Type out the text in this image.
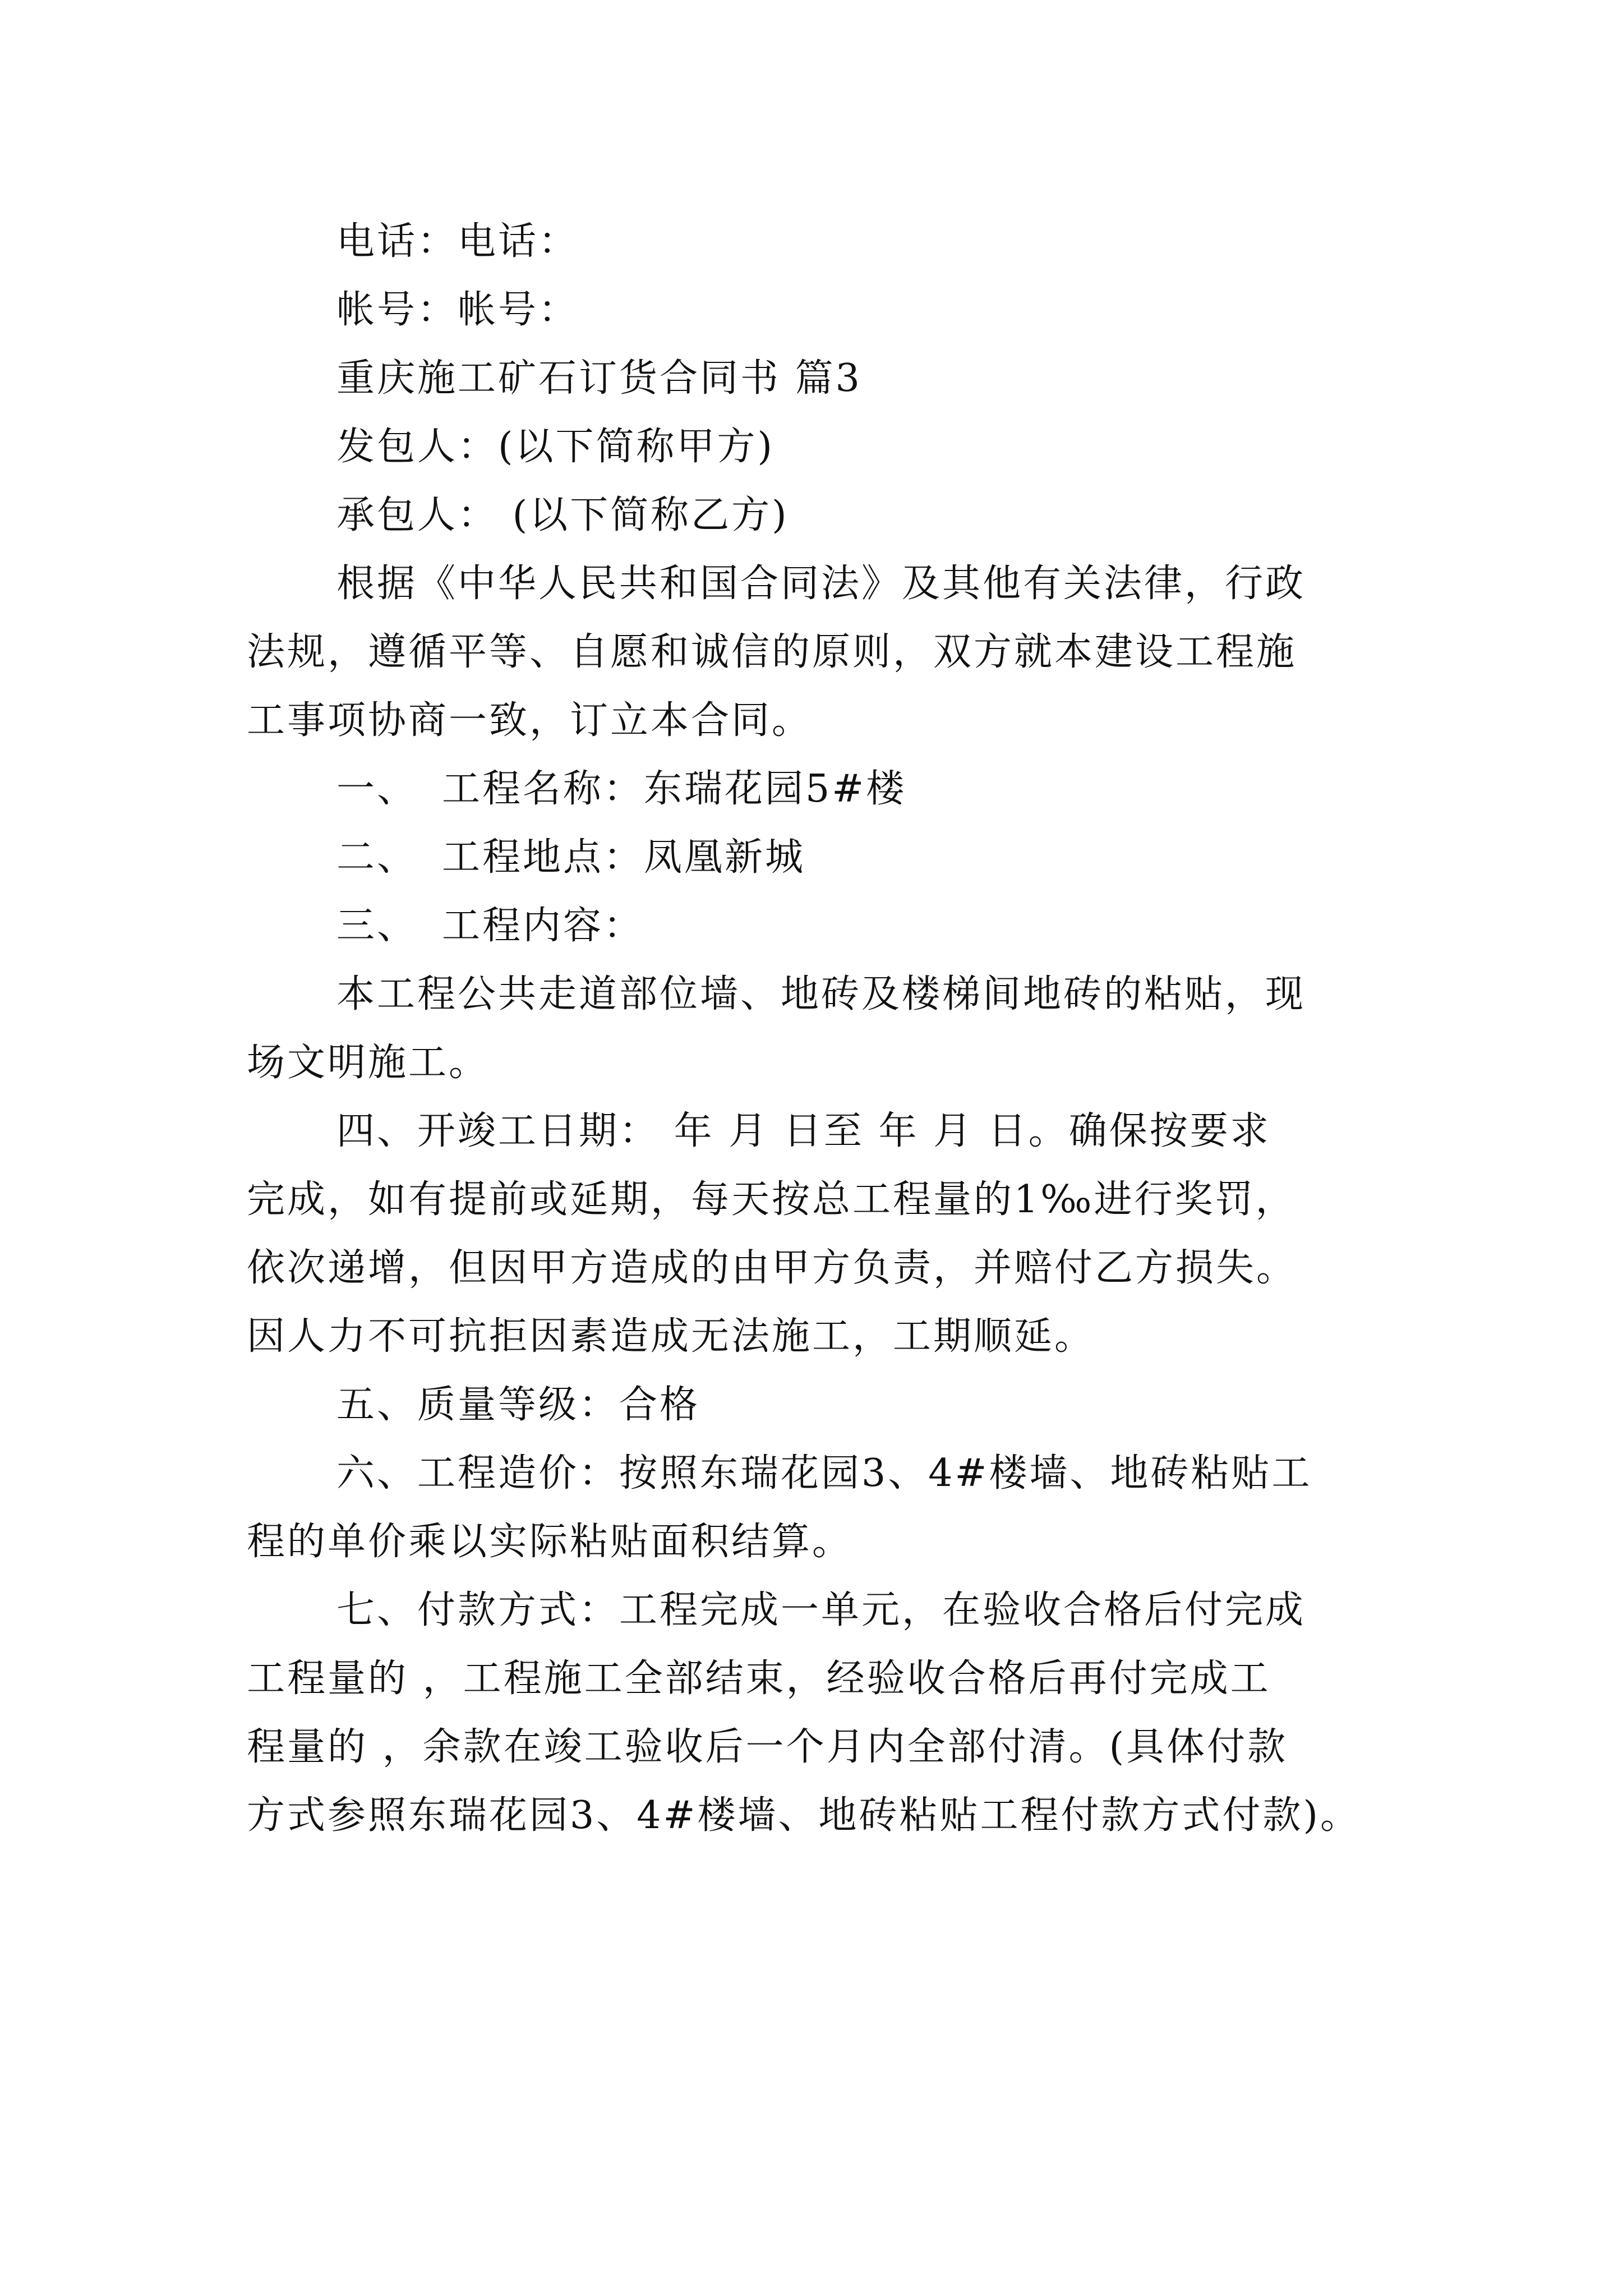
电话：电话：

帐号：帐号：

重庆施工矿石订货合同书 篇3

发包人：(以下简称甲方)

承包人： (以下简称乙方)

根据《中华人民共和国合同法》及其他有关法律，行政
法规，遵循平等、自愿和诚信的原则，双方就本建设工程施
工事项协商一致，订立本合同。

一、 工程名称：东瑞花园5#楼

二、 工程地点：凤凰新城

三、 工程内容：

本工程公共走道部位墙、地砖及楼梯间地砖的粘贴，现
场文明施工。
四、开竣工日期： 年 月 日至 年 月 日。确保按要求
完成，如有提前或延期，每天按总工程量的1‰进行奖罚，
依次递增，但因甲方造成的由甲方负责，并赔付乙方损失。
因人力不可抗拒因素造成无法施工，工期顺延。

五、质量等级：合格

六、工程造价：按照东瑞花园3、4#楼墙、地砖粘贴工
程的单价乘以实际粘贴面积结算。
七、付款方式：工程完成一单元，在验收合格后付完成
工程量的 ，工程施工全部结束，经验收合格后再付完成工
程量的 ，余款在竣工验收后一个月内全部付清。(具体付款
方式参照东瑞花园3、4#楼墙、地砖粘贴工程付款方式付款)。
